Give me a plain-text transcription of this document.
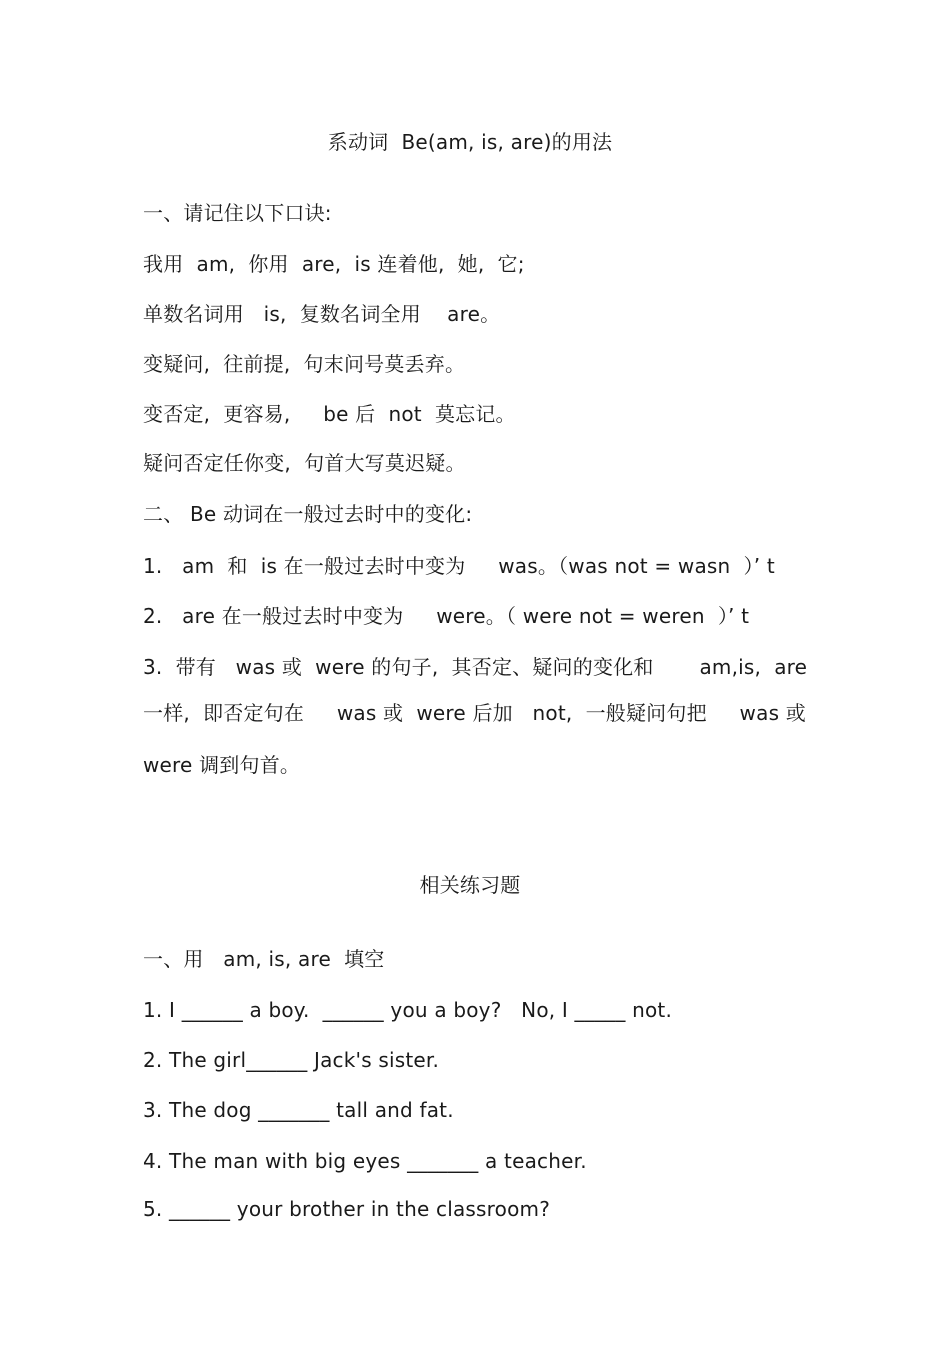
系动词  Be(am, is, are)的用法
一、请记住以下口诀:
我用  am,  你用  are,  is 连着他,  她,  它;
单数名词用   is,  复数名词全用    are。
变疑问,  往前提,  句末问号莫丢弃。
变否定,  更容易,     be 后  not  莫忘记。
疑问否定任你变,  句首大写莫迟疑。
二、 Be 动词在一般过去时中的变化:
1.   am  和  is 在一般过去时中变为     was。（was not = wasn  ）’ t
2.   are 在一般过去时中变为     were。（ were not = weren  ）’ t
3.  带有   was 或  were 的句子,  其否定、疑问的变化和       am,is,  are
一样,  即否定句在     was 或  were 后加   not,  一般疑问句把     was 或
were 调到句首。
相关练习题
一、用   am, is, are  填空
1. I ______ a boy.  ______ you a boy?   No, I _____ not.
2. The girl______ Jack's sister.
3. The dog _______ tall and fat.
4. The man with big eyes _______ a teacher.
5. ______ your brother in the classroom?
